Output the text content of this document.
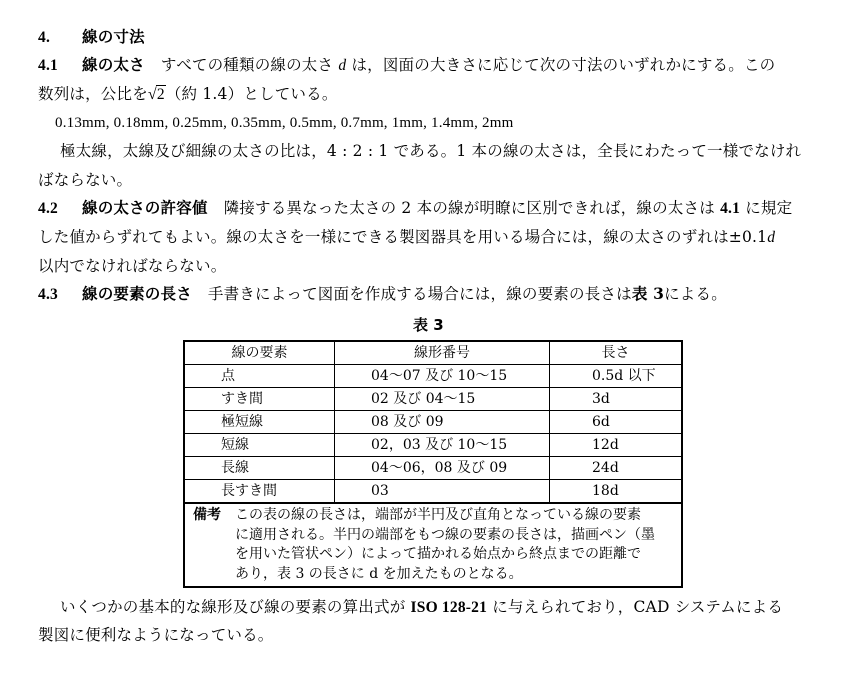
4. 線の寸法
4.1 線の太さ すべての種類の線の太さ d は，図面の大きさに応じて次の寸法のいずれかにする。この
数列は，公比を√2（約 1.4）としている。
0.13mm, 0.18mm, 0.25mm, 0.35mm, 0.5mm, 0.7mm, 1mm, 1.4mm, 2mm
極太線，太線及び細線の太さの比は，4 : 2 : 1 である。1 本の線の太さは，全長にわたって一様でなけれ
ばならない。
4.2 線の太さの許容値 隣接する異なった太さの 2 本の線が明瞭に区別できれば，線の太さは 4.1 に規定
した値からずれてもよい。線の太さを一様にできる製図器具を用いる場合には，線の太さのずれは±0.1d
以内でなければならない。
4.3 線の要素の長さ 手書きによって図面を作成する場合には，線の要素の長さは表 3による。
表 3
線の要素	線形番号	長さ
点	04～07 及び 10～15	0.5d 以下
すき間	02 及び 04～15	3d
極短線	08 及び 09	6d
短線	02，03 及び 10～15	12d
長線	04～06，08 及び 09	24d
長すき間	03	18d
備考 この表の線の長さは，端部が半円及び直角となっている線の要素
に適用される。半円の端部をもつ線の要素の長さは，描画ペン（墨
を用いた管状ペン）によって描かれる始点から終点までの距離で
あり，表 3 の長さに d を加えたものとなる。
いくつかの基本的な線形及び線の要素の算出式が ISO 128-21 に与えられており，CAD システムによる
製図に便利なようになっている。
